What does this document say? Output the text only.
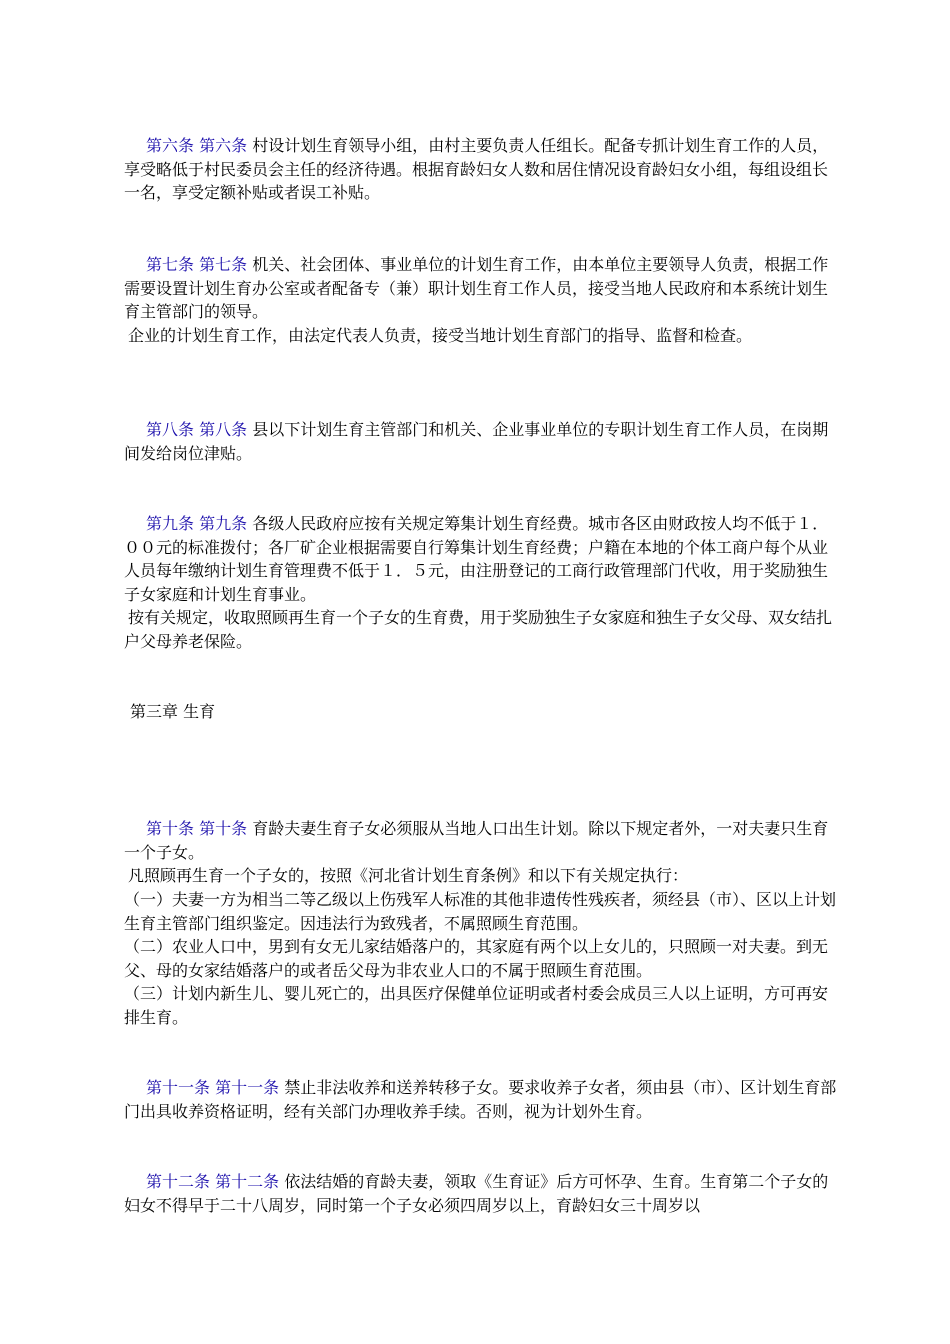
第六条 第六条 村设计划生育领导小组，由村主要负责人任组长。配备专抓计划生育工作的人员，享受略低于村民委员会主任的经济待遇。根据育龄妇女人数和居住情况设育龄妇女小组，每组设组长一名，享受定额补贴或者误工补贴。

第七条 第七条 机关、社会团体、事业单位的计划生育工作，由本单位主要领导人负责，根据工作需要设置计划生育办公室或者配备专（兼）职计划生育工作人员，接受当地人民政府和本系统计划生育主管部门的领导。

企业的计划生育工作，由法定代表人负责，接受当地计划生育部门的指导、监督和检查。

第八条 第八条 县以下计划生育主管部门和机关、企业事业单位的专职计划生育工作人员，在岗期间发给岗位津贴。

第九条 第九条 各级人民政府应按有关规定筹集计划生育经费。城市各区由财政按人均不低于１．００元的标准拨付；各厂矿企业根据需要自行筹集计划生育经费；户籍在本地的个体工商户每个从业人员每年缴纳计划生育管理费不低于１．５元，由注册登记的工商行政管理部门代收，用于奖励独生子女家庭和计划生育事业。

按有关规定，收取照顾再生育一个子女的生育费，用于奖励独生子女家庭和独生子女父母、双女结扎户父母养老保险。

第三章 生育

第十条 第十条 育龄夫妻生育子女必须服从当地人口出生计划。除以下规定者外，一对夫妻只生育一个子女。

凡照顾再生育一个子女的，按照《河北省计划生育条例》和以下有关规定执行：

（一）夫妻一方为相当二等乙级以上伤残军人标准的其他非遗传性残疾者，须经县（市）、区以上计划生育主管部门组织鉴定。因违法行为致残者，不属照顾生育范围。

（二）农业人口中，男到有女无儿家结婚落户的，其家庭有两个以上女儿的，只照顾一对夫妻。到无父、母的女家结婚落户的或者岳父母为非农业人口的不属于照顾生育范围。

（三）计划内新生儿、婴儿死亡的，出具医疗保健单位证明或者村委会成员三人以上证明，方可再安排生育。

第十一条 第十一条 禁止非法收养和送养转移子女。要求收养子女者，须由县（市）、区计划生育部门出具收养资格证明，经有关部门办理收养手续。否则，视为计划外生育。

第十二条 第十二条 依法结婚的育龄夫妻，领取《生育证》后方可怀孕、生育。生育第二个子女的妇女不得早于二十八周岁，同时第一个子女必须四周岁以上，育龄妇女三十周岁以
